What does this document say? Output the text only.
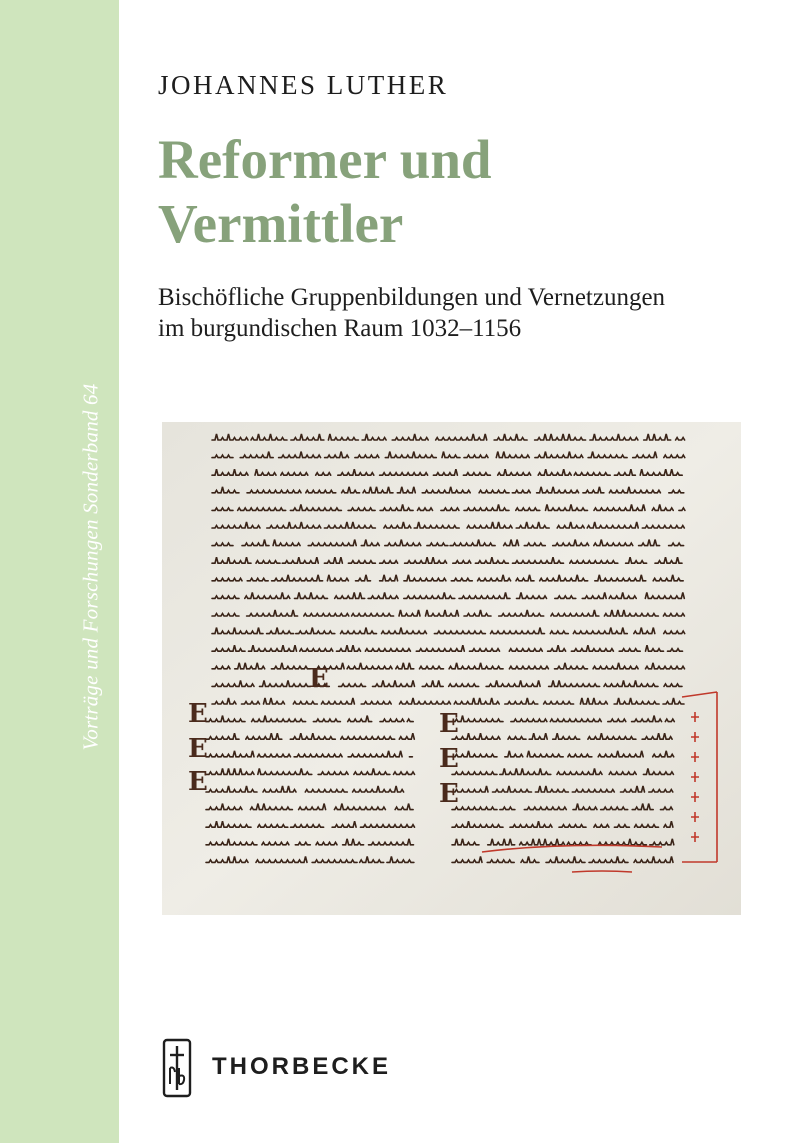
Vorträge und Forschungen Sonderband 64
JOHANNES LUTHER
Reformer und
Vermittler
Bischöfliche Gruppenbildungen und Vernetzungen
im burgundischen Raum 1032–1156
E
E
E
E
E
E
E
THORBECKE
